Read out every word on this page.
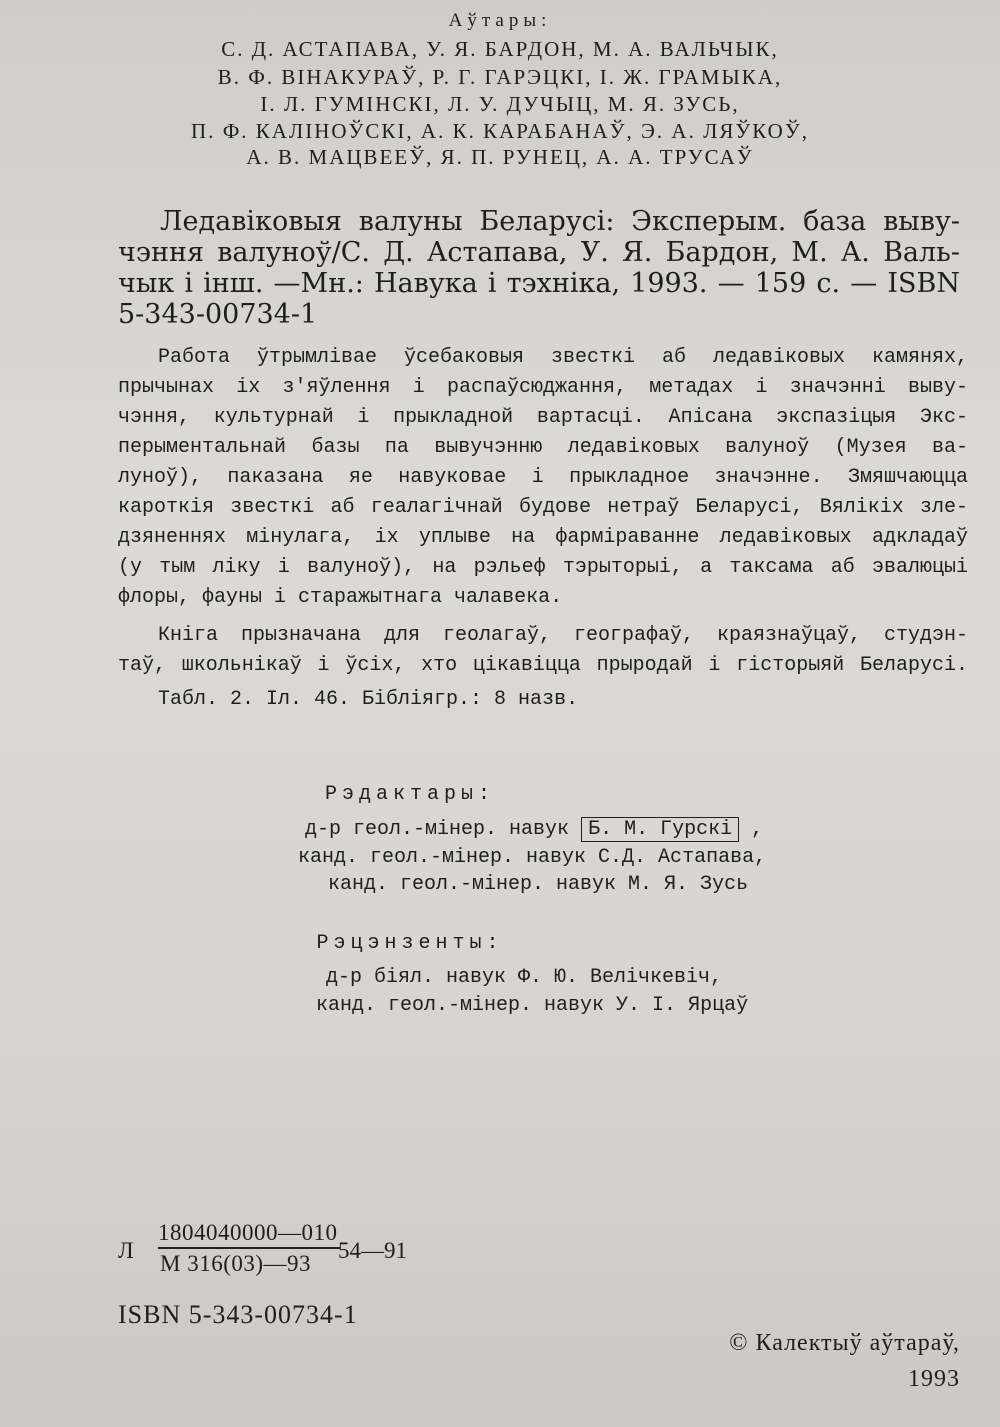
Аўтары:
С. Д. АСТАПАВА, У. Я. БАРДОН, М. А. ВАЛЬЧЫК,
В. Ф. ВІНАКУРАЎ, Р. Г. ГАРЭЦКІ, І. Ж. ГРАМЫКА,
І. Л. ГУМІНСКІ, Л. У. ДУЧЫЦ, М. Я. ЗУСЬ,
П. Ф. КАЛІНОЎСКІ, А. К. КАРАБАНАЎ, Э. А. ЛЯЎКОЎ,
А. В. МАЦВЕЕЎ, Я. П. РУНЕЦ, А. А. ТРУСАЎ
Ледавіковыя валуны Беларусі: Эксперым. база выву-
чэння валуноў/С. Д. Астапава, У. Я. Бардон, М. А. Валь-
чык і інш. —Мн.: Навука і тэхніка, 1993. — 159 с. — ISBN
5-343-00734-1
Работа ўтрымлівае ўсебаковыя звесткі аб ледавіковых камянях,
прычынах іх з'яўлення і распаўсюджання, метадах і значэнні выву-
чэння, культурнай і прыкладной вартасці. Апісана экспазіцыя Экс-
перыментальнай базы па вывучэнню ледавіковых валуноў (Музея ва-
луноў), паказана яе навуковае і прыкладное значэнне. Змяшчаюцца
кароткія звесткі аб геалагічнай будове нетраў Беларусі, Вялікіх зле-
дзяненнях мінулага, іх уплыве на фарміраванне ледавіковых адкладаў
(у тым ліку і валуноў), на рэльеф тэрыторыі, а таксама аб эвалюцыі
флоры, фауны і старажытнага чалавека.
Кніга прызначана для геолагаў, географаў, краязнаўцаў, студэн-
таў, школьнікаў і ўсіх, хто цікавіцца прыродай і гісторыяй Беларусі.
Табл. 2. Іл. 46. Бібліягр.: 8 назв.
Рэдактары:
д-р геол.-мінер. навук Б. М. Гурскі ,
канд. геол.-мінер. навук С.Д. Астапава,
канд. геол.-мінер. навук М. Я. Зусь
Рэцэнзенты:
д-р біял. навук Ф. Ю. Велічкевіч,
канд. геол.-мінер. навук У. І. Ярцаў
Л
1804040000—010
М 316(03)—93
54—91
ISBN 5-343-00734-1
© Калектыў аўтараў,
1993
